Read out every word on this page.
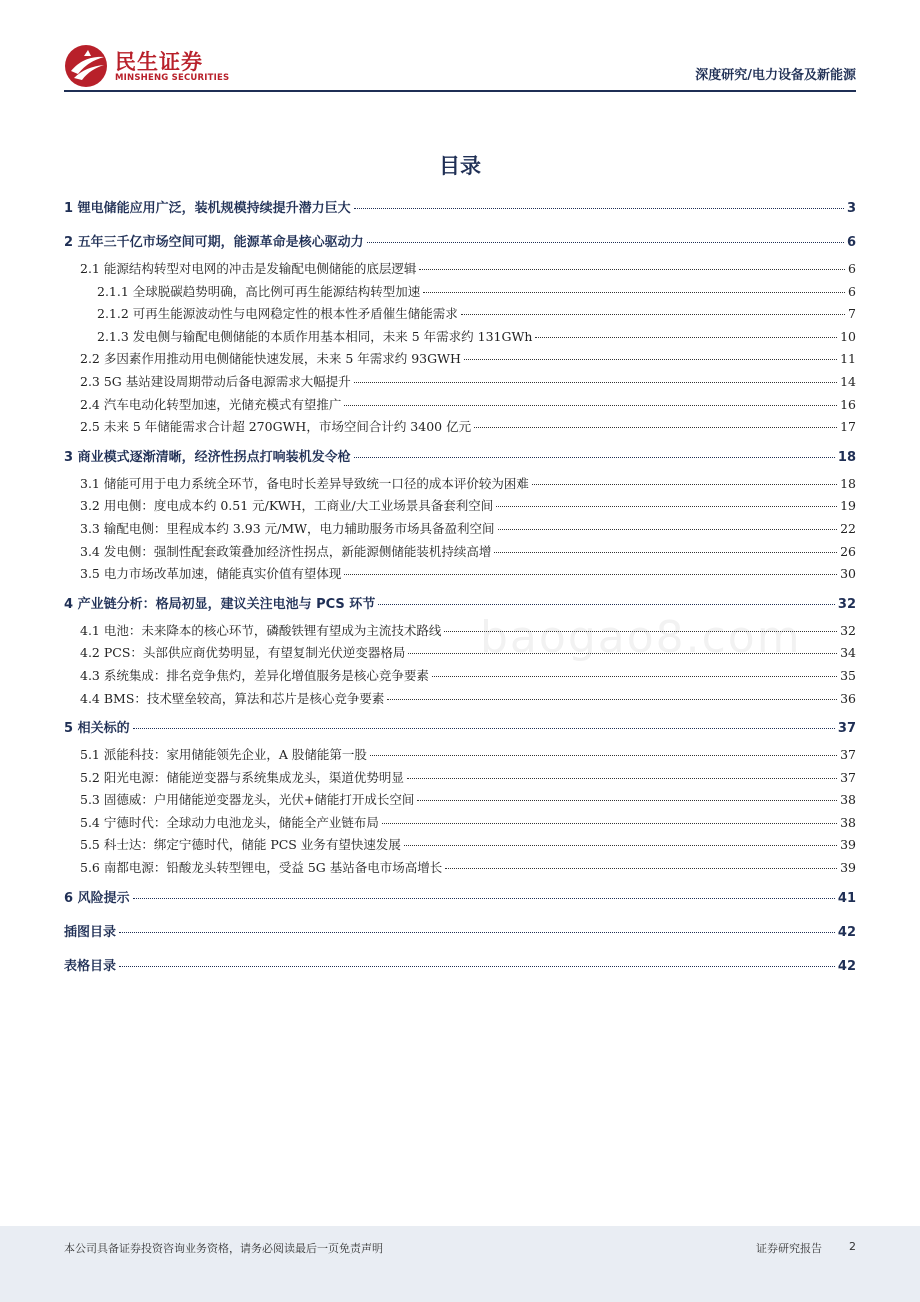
民生证券
MINSHENG SECURITIES	深度研究/电力设备及新能源
目录
1 锂电储能应用广泛，装机规模持续提升潜力巨大	3
2 五年三千亿市场空间可期，能源革命是核心驱动力	6
2.1 能源结构转型对电网的冲击是发输配电侧储能的底层逻辑	6
2.1.1 全球脱碳趋势明确，高比例可再生能源结构转型加速	6
2.1.2 可再生能源波动性与电网稳定性的根本性矛盾催生储能需求	7
2.1.3 发电侧与输配电侧储能的本质作用基本相同，未来 5 年需求约 131GWh	10
2.2 多因素作用推动用电侧储能快速发展，未来 5 年需求约 93GWH	11
2.3 5G 基站建设周期带动后备电源需求大幅提升	14
2.4 汽车电动化转型加速，光储充模式有望推广	16
2.5 未来 5 年储能需求合计超 270GWH，市场空间合计约 3400 亿元	17
3 商业模式逐渐清晰，经济性拐点打响装机发令枪	18
3.1 储能可用于电力系统全环节，备电时长差异导致统一口径的成本评价较为困难	18
3.2 用电侧：度电成本约 0.51 元/KWH，工商业/大工业场景具备套利空间	19
3.3 输配电侧：里程成本约 3.93 元/MW，电力辅助服务市场具备盈利空间	22
3.4 发电侧：强制性配套政策叠加经济性拐点，新能源侧储能装机持续高增	26
3.5 电力市场改革加速，储能真实价值有望体现	30
4 产业链分析：格局初显，建议关注电池与 PCS 环节	32
4.1 电池：未来降本的核心环节，磷酸铁锂有望成为主流技术路线	32
4.2 PCS：头部供应商优势明显，有望复制光伏逆变器格局	34
4.3 系统集成：排名竞争焦灼，差异化增值服务是核心竞争要素	35
4.4 BMS：技术壁垒较高，算法和芯片是核心竞争要素	36
5 相关标的	37
5.1 派能科技：家用储能领先企业，A 股储能第一股	37
5.2 阳光电源：储能逆变器与系统集成龙头，渠道优势明显	37
5.3 固德威：户用储能逆变器龙头，光伏+储能打开成长空间	38
5.4 宁德时代：全球动力电池龙头，储能全产业链布局	38
5.5 科士达：绑定宁德时代，储能 PCS 业务有望快速发展	39
5.6 南都电源：铅酸龙头转型锂电，受益 5G 基站备电市场高增长	39
6 风险提示	41
插图目录	42
表格目录	42
baogao8.com
本公司具备证券投资咨询业务资格，请务必阅读最后一页免责声明	证券研究报告 2
